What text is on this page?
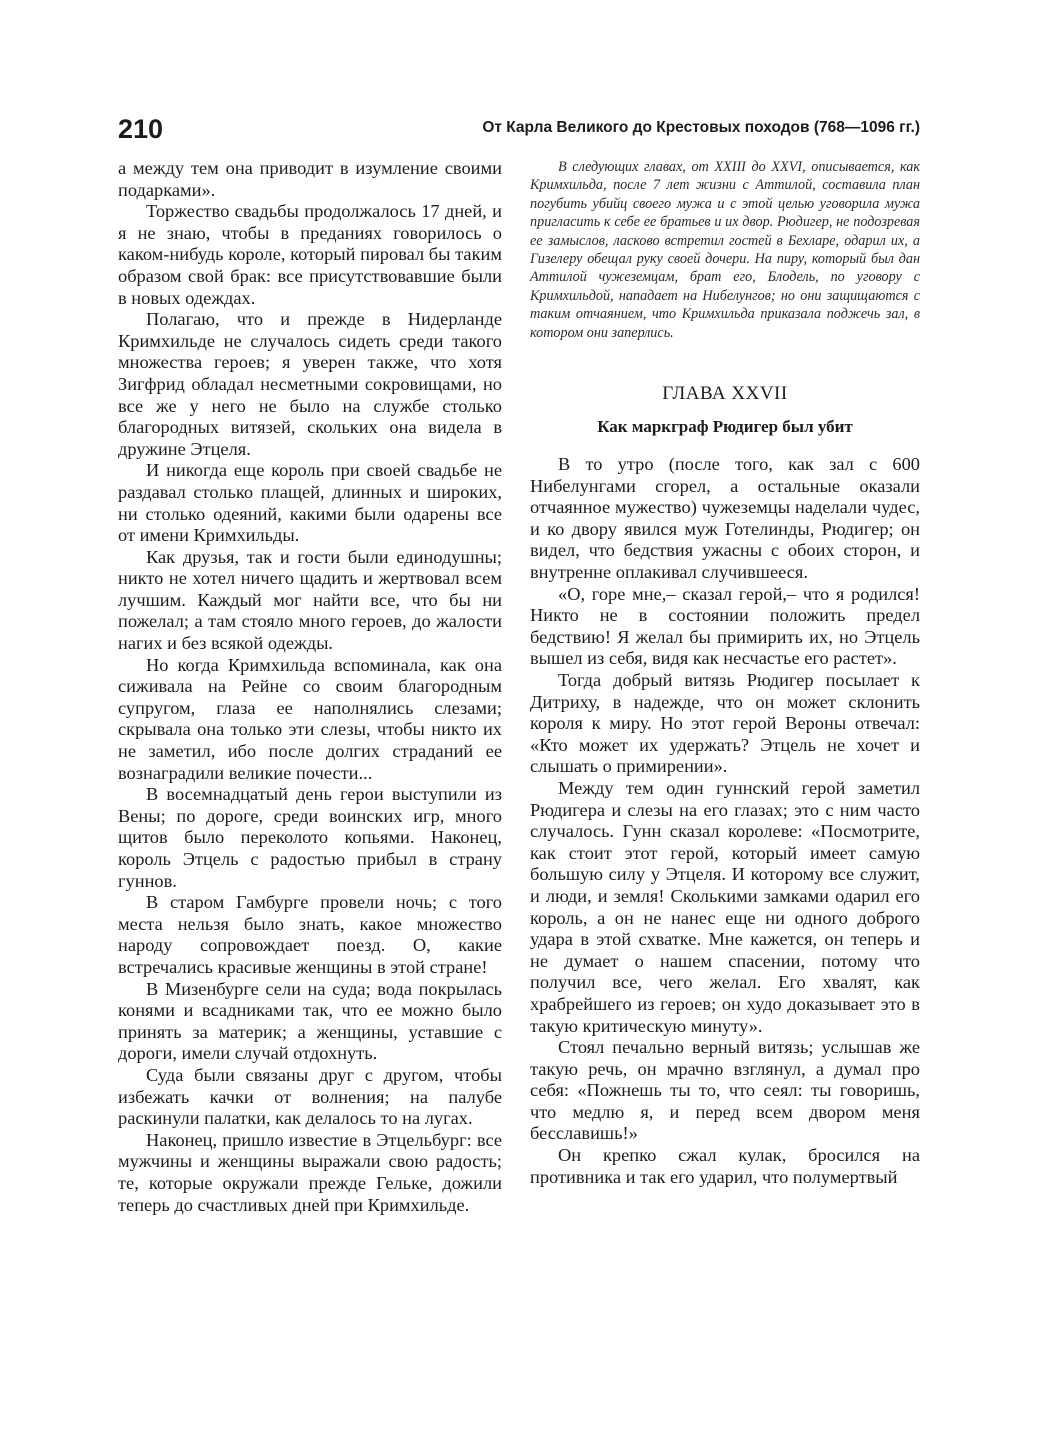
210	От Карла Великого до Крестовых походов (768—1096 гг.)

а между тем она приводит в изумление своими подарками».

Торжество свадьбы продолжалось 17 дней, и я не знаю, чтобы в преданиях говорилось о каком-нибудь короле, который пировал бы таким образом свой брак: все присутствовавшие были в новых одеждах.

Полагаю, что и прежде в Нидерланде Кримхильде не случалось сидеть среди такого множества героев; я уверен также, что хотя Зигфрид обладал несметными сокровищами, но все же у него не было на службе столько благородных витязей, скольких она видела в дружине Этцеля.

И никогда еще король при своей свадьбе не раздавал столько плащей, длинных и широких, ни столько одеяний, какими были одарены все от имени Кримхильды.

Как друзья, так и гости были единодушны; никто не хотел ничего щадить и жертвовал всем лучшим. Каждый мог найти все, что бы ни пожелал; а там стояло много героев, до жалости нагих и без всякой одежды.

Но когда Кримхильда вспоминала, как она сиживала на Рейне со своим благородным супругом, глаза ее наполнялись слезами; скрывала она только эти слезы, чтобы никто их не заметил, ибо после долгих страданий ее вознаградили великие почести...

В восемнадцатый день герои выступили из Вены; по дороге, среди воинских игр, много щитов было переколото копьями. Наконец, король Этцель с радостью прибыл в страну гуннов.

В старом Гамбурге провели ночь; с того места нельзя было знать, какое множество народу сопровождает поезд. О, какие встречались красивые женщины в этой стране!

В Мизенбурге сели на суда; вода покрылась конями и всадниками так, что ее можно было принять за материк; а женщины, уставшие с дороги, имели случай отдохнуть.

Суда были связаны друг с другом, чтобы избежать качки от волнения; на палубе раскинули палатки, как делалось то на лугах.

Наконец, пришло известие в Этцельбург: все мужчины и женщины выражали свою радость; те, которые окружали прежде Гельке, дожили теперь до счастливых дней при Кримхильде.

В следующих главах, от XXIII до XXVI, описывается, как Кримхильда, после 7 лет жизни с Аттилой, составила план погубить убийц своего мужа и с этой целью уговорила мужа пригласить к себе ее братьев и их двор. Рюдигер, не подозревая ее замыслов, ласково встретил гостей в Бехларе, одарил их, а Гизелеру обещал руку своей дочери. На пиру, который был дан Аттилой чужеземцам, брат его, Блодель, по уговору с Кримхильдой, нападает на Нибелунгов; но они защищаются с таким отчаянием, что Кримхильда приказала поджечь зал, в котором они заперлись.

ГЛАВА XXVII
Как маркграф Рюдигер был убит

В то утро (после того, как зал с 600 Нибелунгами сгорел, а остальные оказали отчаянное мужество) чужеземцы наделали чудес, и ко двору явился муж Готелинды, Рюдигер; он видел, что бедствия ужасны с обоих сторон, и внутренне оплакивал случившееся.

«О, горе мне,– сказал герой,– что я родился! Никто не в состоянии положить предел бедствию! Я желал бы примирить их, но Этцель вышел из себя, видя как несчастье его растет».

Тогда добрый витязь Рюдигер посылает к Дитриху, в надежде, что он может склонить короля к миру. Но этот герой Вероны отвечал: «Кто может их удержать? Этцель не хочет и слышать о примирении».

Между тем один гуннский герой заметил Рюдигера и слезы на его глазах; это с ним часто случалось. Гунн сказал королеве: «Посмотрите, как стоит этот герой, который имеет самую большую силу у Этцеля. И которому все служит, и люди, и земля! Сколькими замками одарил его король, а он не нанес еще ни одного доброго удара в этой схватке. Мне кажется, он теперь и не думает о нашем спасении, потому что получил все, чего желал. Его хвалят, как храбрейшего из героев; он худо доказывает это в такую критическую минуту».

Стоял печально верный витязь; услышав же такую речь, он мрачно взглянул, а думал про себя: «Пожнешь ты то, что сеял: ты говоришь, что медлю я, и перед всем двором меня бесславишь!»

Он крепко сжал кулак, бросился на противника и так его ударил, что полумертвый
